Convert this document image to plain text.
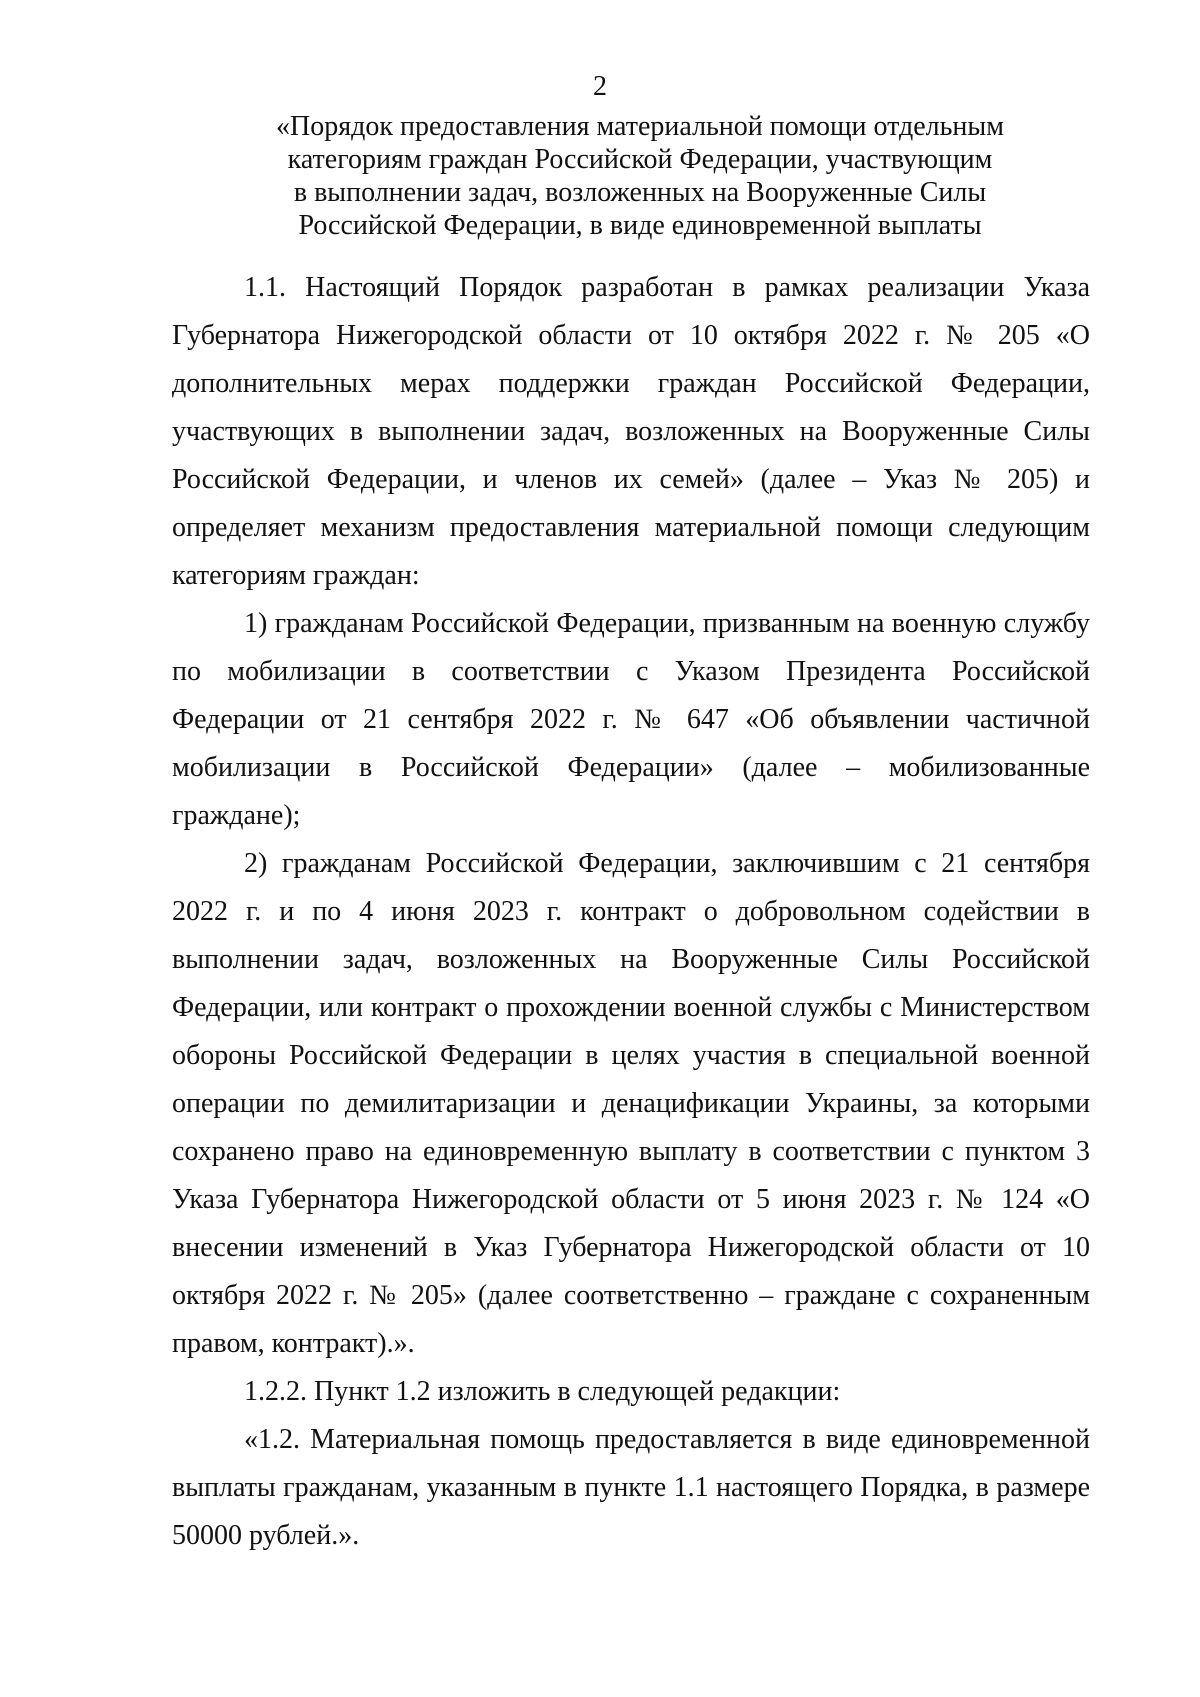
2
«Порядок предоставления материальной помощи отдельным
категориям граждан Российской Федерации, участвующим
в выполнении задач, возложенных на Вооруженные Силы
Российской Федерации, в виде единовременной выплаты

1.1. Настоящий Порядок разработан в рамках реализации Указа Губернатора Нижегородской области от 10 октября 2022 г. № 205 «О дополнительных мерах поддержки граждан Российской Федерации, участвующих в выполнении задач, возложенных на Вооруженные Силы Российской Федерации, и членов их семей» (далее – Указ № 205) и определяет механизм предоставления материальной помощи следующим категориям граждан:

1) гражданам Российской Федерации, призванным на военную службу по мобилизации в соответствии с Указом Президента Российской Федерации от 21 сентября 2022 г. № 647 «Об объявлении частичной мобилизации в Российской Федерации» (далее – мобилизованные граждане);

2) гражданам Российской Федерации, заключившим с 21 сентября 2022 г. и по 4 июня 2023 г. контракт о добровольном содействии в выполнении задач, возложенных на Вооруженные Силы Российской Федерации, или контракт о прохождении военной службы с Министерством обороны Российской Федерации в целях участия в специальной военной операции по демилитаризации и денацификации Украины, за которыми сохранено право на единовременную выплату в соответствии с пунктом 3 Указа Губернатора Нижегородской области от 5 июня 2023 г. № 124 «О внесении изменений в Указ Губернатора Нижегородской области от 10 октября 2022 г. № 205» (далее соответственно – граждане с сохраненным правом, контракт).».

1.2.2. Пункт 1.2 изложить в следующей редакции:

«1.2. Материальная помощь предоставляется в виде единовременной выплаты гражданам, указанным в пункте 1.1 настоящего Порядка, в размере 50000 рублей.».
